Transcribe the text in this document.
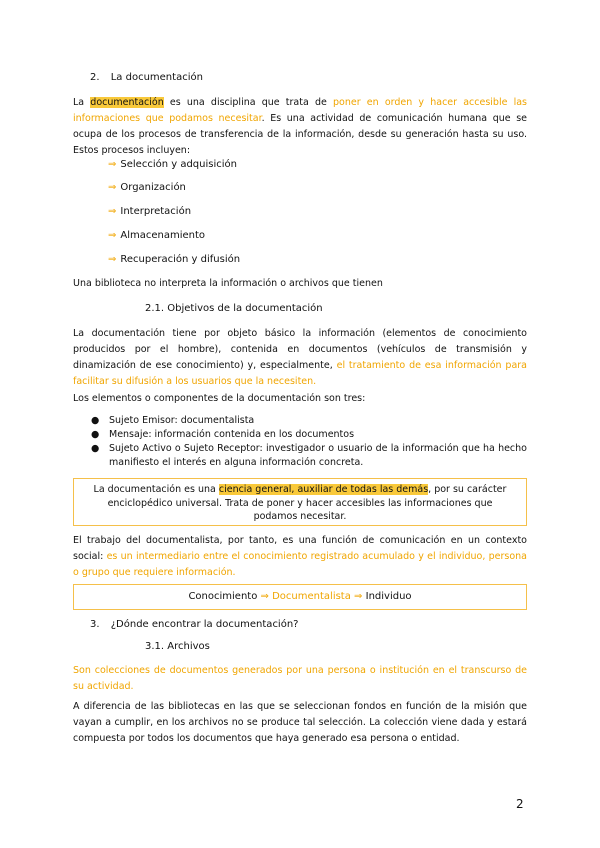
2. La documentación
La documentación es una disciplina que trata de poner en orden y hacer accesible las informaciones que podamos necesitar. Es una actividad de comunicación humana que se ocupa de los procesos de transferencia de la información, desde su generación hasta su uso. Estos procesos incluyen:
⇒ Selección y adquisición
⇒ Organización
⇒ Interpretación
⇒ Almacenamiento
⇒ Recuperación y difusión
Una biblioteca no interpreta la información o archivos que tienen
2.1. Objetivos de la documentación
La documentación tiene por objeto básico la información (elementos de conocimiento producidos por el hombre), contenida en documentos (vehículos de transmisión y dinamización de ese conocimiento) y, especialmente, el tratamiento de esa información para facilitar su difusión a los usuarios que la necesiten.
Los elementos o componentes de la documentación son tres:
● Sujeto Emisor: documentalista
● Mensaje: información contenida en los documentos
● Sujeto Activo o Sujeto Receptor: investigador o usuario de la información que ha hecho manifiesto el interés en alguna información concreta.
La documentación es una ciencia general, auxiliar de todas las demás, por su carácter enciclopédico universal. Trata de poner y hacer accesibles las informaciones que podamos necesitar.
El trabajo del documentalista, por tanto, es una función de comunicación en un contexto social: es un intermediario entre el conocimiento registrado acumulado y el individuo, persona o grupo que requiere información.
Conocimiento ⇒ Documentalista ⇒ Individuo
3. ¿Dónde encontrar la documentación?
3.1. Archivos
Son colecciones de documentos generados por una persona o institución en el transcurso de su actividad.
A diferencia de las bibliotecas en las que se seleccionan fondos en función de la misión que vayan a cumplir, en los archivos no se produce tal selección. La colección viene dada y estará compuesta por todos los documentos que haya generado esa persona o entidad.
2
